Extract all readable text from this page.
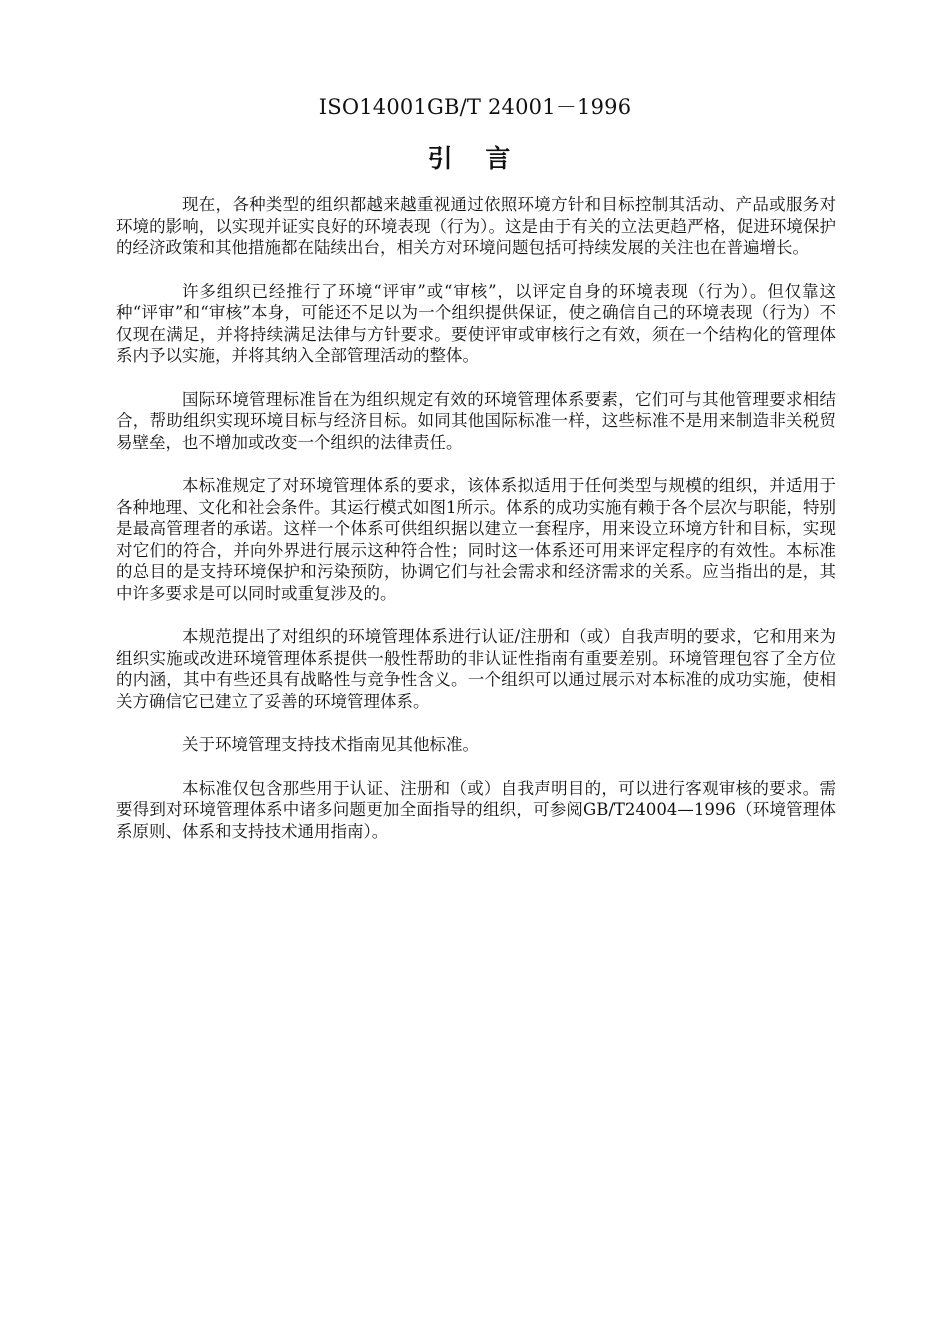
ISO14001GB/T 24001－1996
引 言

现在，各种类型的组织都越来越重视通过依照环境方针和目标控制其活动、产品或服务对环境的影响，以实现并证实良好的环境表现（行为）。这是由于有关的立法更趋严格，促进环境保护的经济政策和其他措施都在陆续出台，相关方对环境问题包括可持续发展的关注也在普遍增长。

许多组织已经推行了环境“评审”或“审核”，以评定自身的环境表现（行为）。但仅靠这种“评审”和“审核”本身，可能还不足以为一个组织提供保证，使之确信自己的环境表现（行为）不仅现在满足，并将持续满足法律与方针要求。要使评审或审核行之有效，须在一个结构化的管理体系内予以实施，并将其纳入全部管理活动的整体。

国际环境管理标准旨在为组织规定有效的环境管理体系要素，它们可与其他管理要求相结合，帮助组织实现环境目标与经济目标。如同其他国际标准一样，这些标准不是用来制造非关税贸易壁垒，也不增加或改变一个组织的法律责任。

本标准规定了对环境管理体系的要求，该体系拟适用于任何类型与规模的组织，并适用于各种地理、文化和社会条件。其运行模式如图1所示。体系的成功实施有赖于各个层次与职能，特别是最高管理者的承诺。这样一个体系可供组织据以建立一套程序，用来设立环境方针和目标，实现对它们的符合，并向外界进行展示这种符合性；同时这一体系还可用来评定程序的有效性。本标准的总目的是支持环境保护和污染预防，协调它们与社会需求和经济需求的关系。应当指出的是，其中许多要求是可以同时或重复涉及的。

本规范提出了对组织的环境管理体系进行认证/注册和（或）自我声明的要求，它和用来为组织实施或改进环境管理体系提供一般性帮助的非认证性指南有重要差别。环境管理包容了全方位的内涵，其中有些还具有战略性与竞争性含义。一个组织可以通过展示对本标准的成功实施，使相关方确信它已建立了妥善的环境管理体系。

关于环境管理支持技术指南见其他标准。

本标准仅包含那些用于认证、注册和（或）自我声明目的，可以进行客观审核的要求。需要得到对环境管理体系中诸多问题更加全面指导的组织，可参阅GB/T24004—1996（环境管理体系原则、体系和支持技术通用指南）。
